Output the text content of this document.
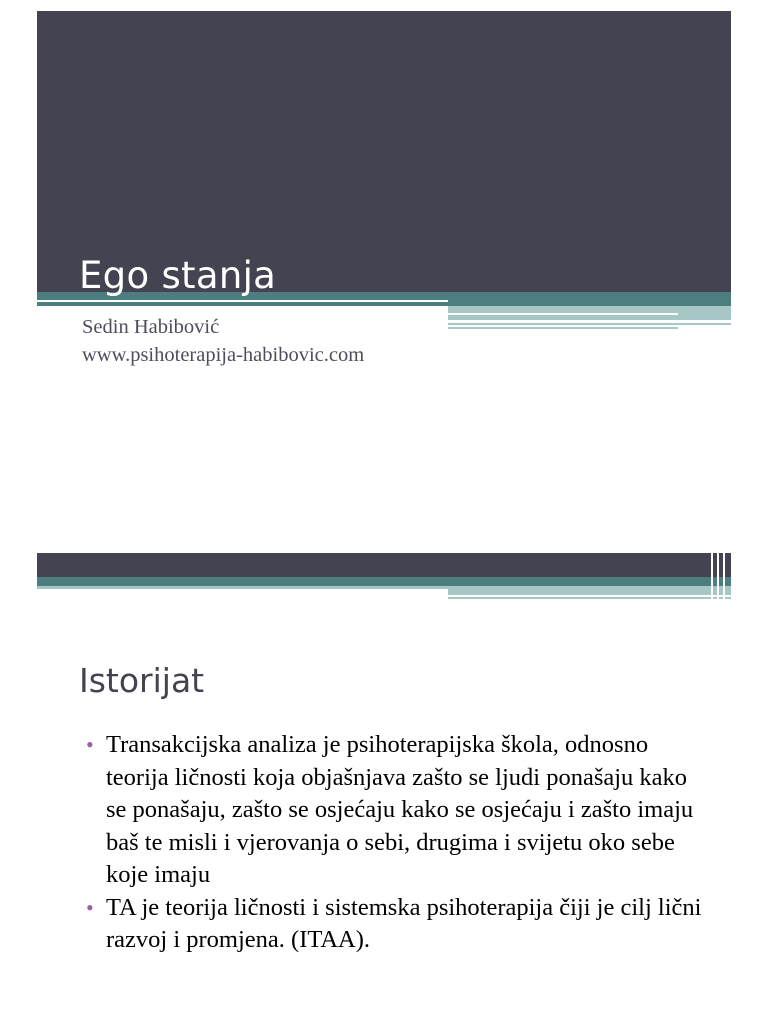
Ego stanja
Sedin Habibović
www.psihoterapija-habibovic.com
Istorijat
• Transakcijska analiza je psihoterapijska škola, odnosno teorija ličnosti koja objašnjava zašto se ljudi ponašaju kako se ponašaju, zašto se osjećaju kako se osjećaju i zašto imaju baš te misli i vjerovanja o sebi, drugima i svijetu oko sebe koje imaju
• TA je teorija ličnosti i sistemska psihoterapija čiji je cilj lični razvoj i promjena. (ITAA).
